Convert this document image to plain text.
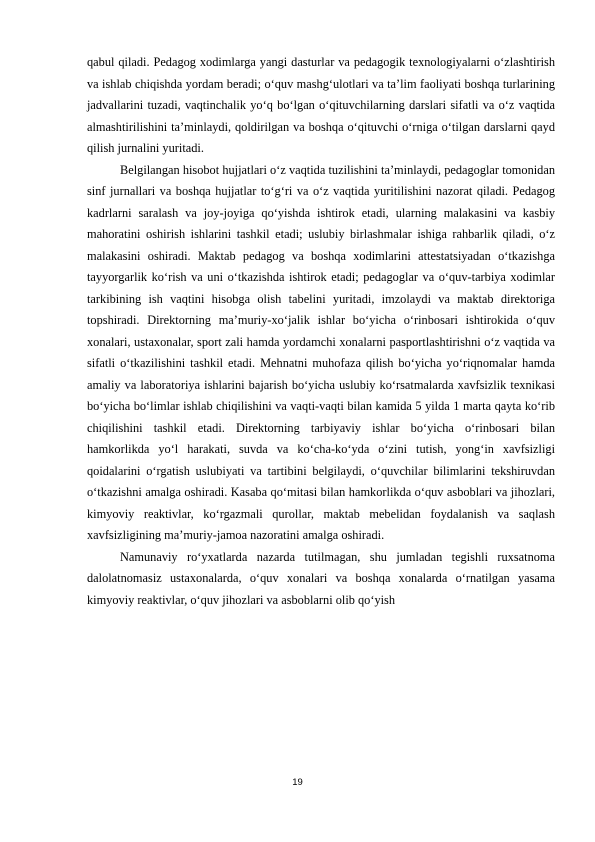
qabul qiladi. Pedagog xodimlarga yangi dasturlar va pedagogik texnologiyalarni o‘zlashtirish va ishlab chiqishda yordam beradi; o‘quv mashg‘ulotlari va ta’lim faoliyati boshqa turlarining jadvallarini tuzadi, vaqtinchalik yo‘q bo‘lgan o‘qituvchilarning darslari sifatli va o‘z vaqtida almashtirilishini ta’minlaydi, qoldirilgan va boshqa o‘qituvchi o‘rniga o‘tilgan darslarni qayd qilish jurnalini yuritadi.

Belgilangan hisobot hujjatlari o‘z vaqtida tuzilishini ta’minlaydi, pedagoglar tomonidan sinf jurnallari va boshqa hujjatlar to‘g‘ri va o‘z vaqtida yuritilishini nazorat qiladi. Pedagog kadrlarni saralash va joy-joyiga qo‘yishda ishtirok etadi, ularning malakasini va kasbiy mahoratini oshirish ishlarini tashkil etadi; uslubiy birlashmalar ishiga rahbarlik qiladi, o‘z malakasini oshiradi. Maktab pedagog va boshqa xodimlarini attestatsiyadan o‘tkazishga tayyorgarlik ko‘rish va uni o‘tkazishda ishtirok etadi; pedagoglar va o‘quv-tarbiya xodimlar tarkibining ish vaqtini hisobga olish tabelini yuritadi, imzolaydi va maktab direktoriga topshiradi. Direktorning ma’muriy-xo‘jalik ishlar bo‘yicha o‘rinbosari ishtirokida o‘quv xonalari, ustaxonalar, sport zali hamda yordamchi xonalarni pasportlashtirishni o‘z vaqtida va sifatli o‘tkazilishini tashkil etadi. Mehnatni muhofaza qilish bo‘yicha yo‘riqnomalar hamda amaliy va laboratoriya ishlarini bajarish bo‘yicha uslubiy ko‘rsatmalarda xavfsizlik texnikasi bo‘yicha bo‘limlar ishlab chiqilishini va vaqti-vaqti bilan kamida 5 yilda 1 marta qayta ko‘rib chiqilishini tashkil etadi. Direktorning tarbiyaviy ishlar bo‘yicha o‘rinbosari bilan hamkorlikda yo‘l harakati, suvda va ko‘cha-ko‘yda o‘zini tutish, yong‘in xavfsizligi qoidalarini o‘rgatish uslubiyati va tartibini belgilaydi, o‘quvchilar bilimlarini tekshiruvdan o‘tkazishni amalga oshiradi. Kasaba qo‘mitasi bilan hamkorlikda o‘quv asboblari va jihozlari, kimyoviy reaktivlar, ko‘rgazmali qurollar, maktab mebelidan foydalanish va saqlash xavfsizligining ma’muriy-jamoa nazoratini amalga oshiradi.

Namunaviy ro‘yxatlarda nazarda tutilmagan, shu jumladan tegishli ruxsatnoma dalolatnomasiz ustaxonalarda, o‘quv xonalari va boshqa xonalarda o‘rnatilgan yasama kimyoviy reaktivlar, o‘quv jihozlari va asboblarni olib qo‘yish

19
